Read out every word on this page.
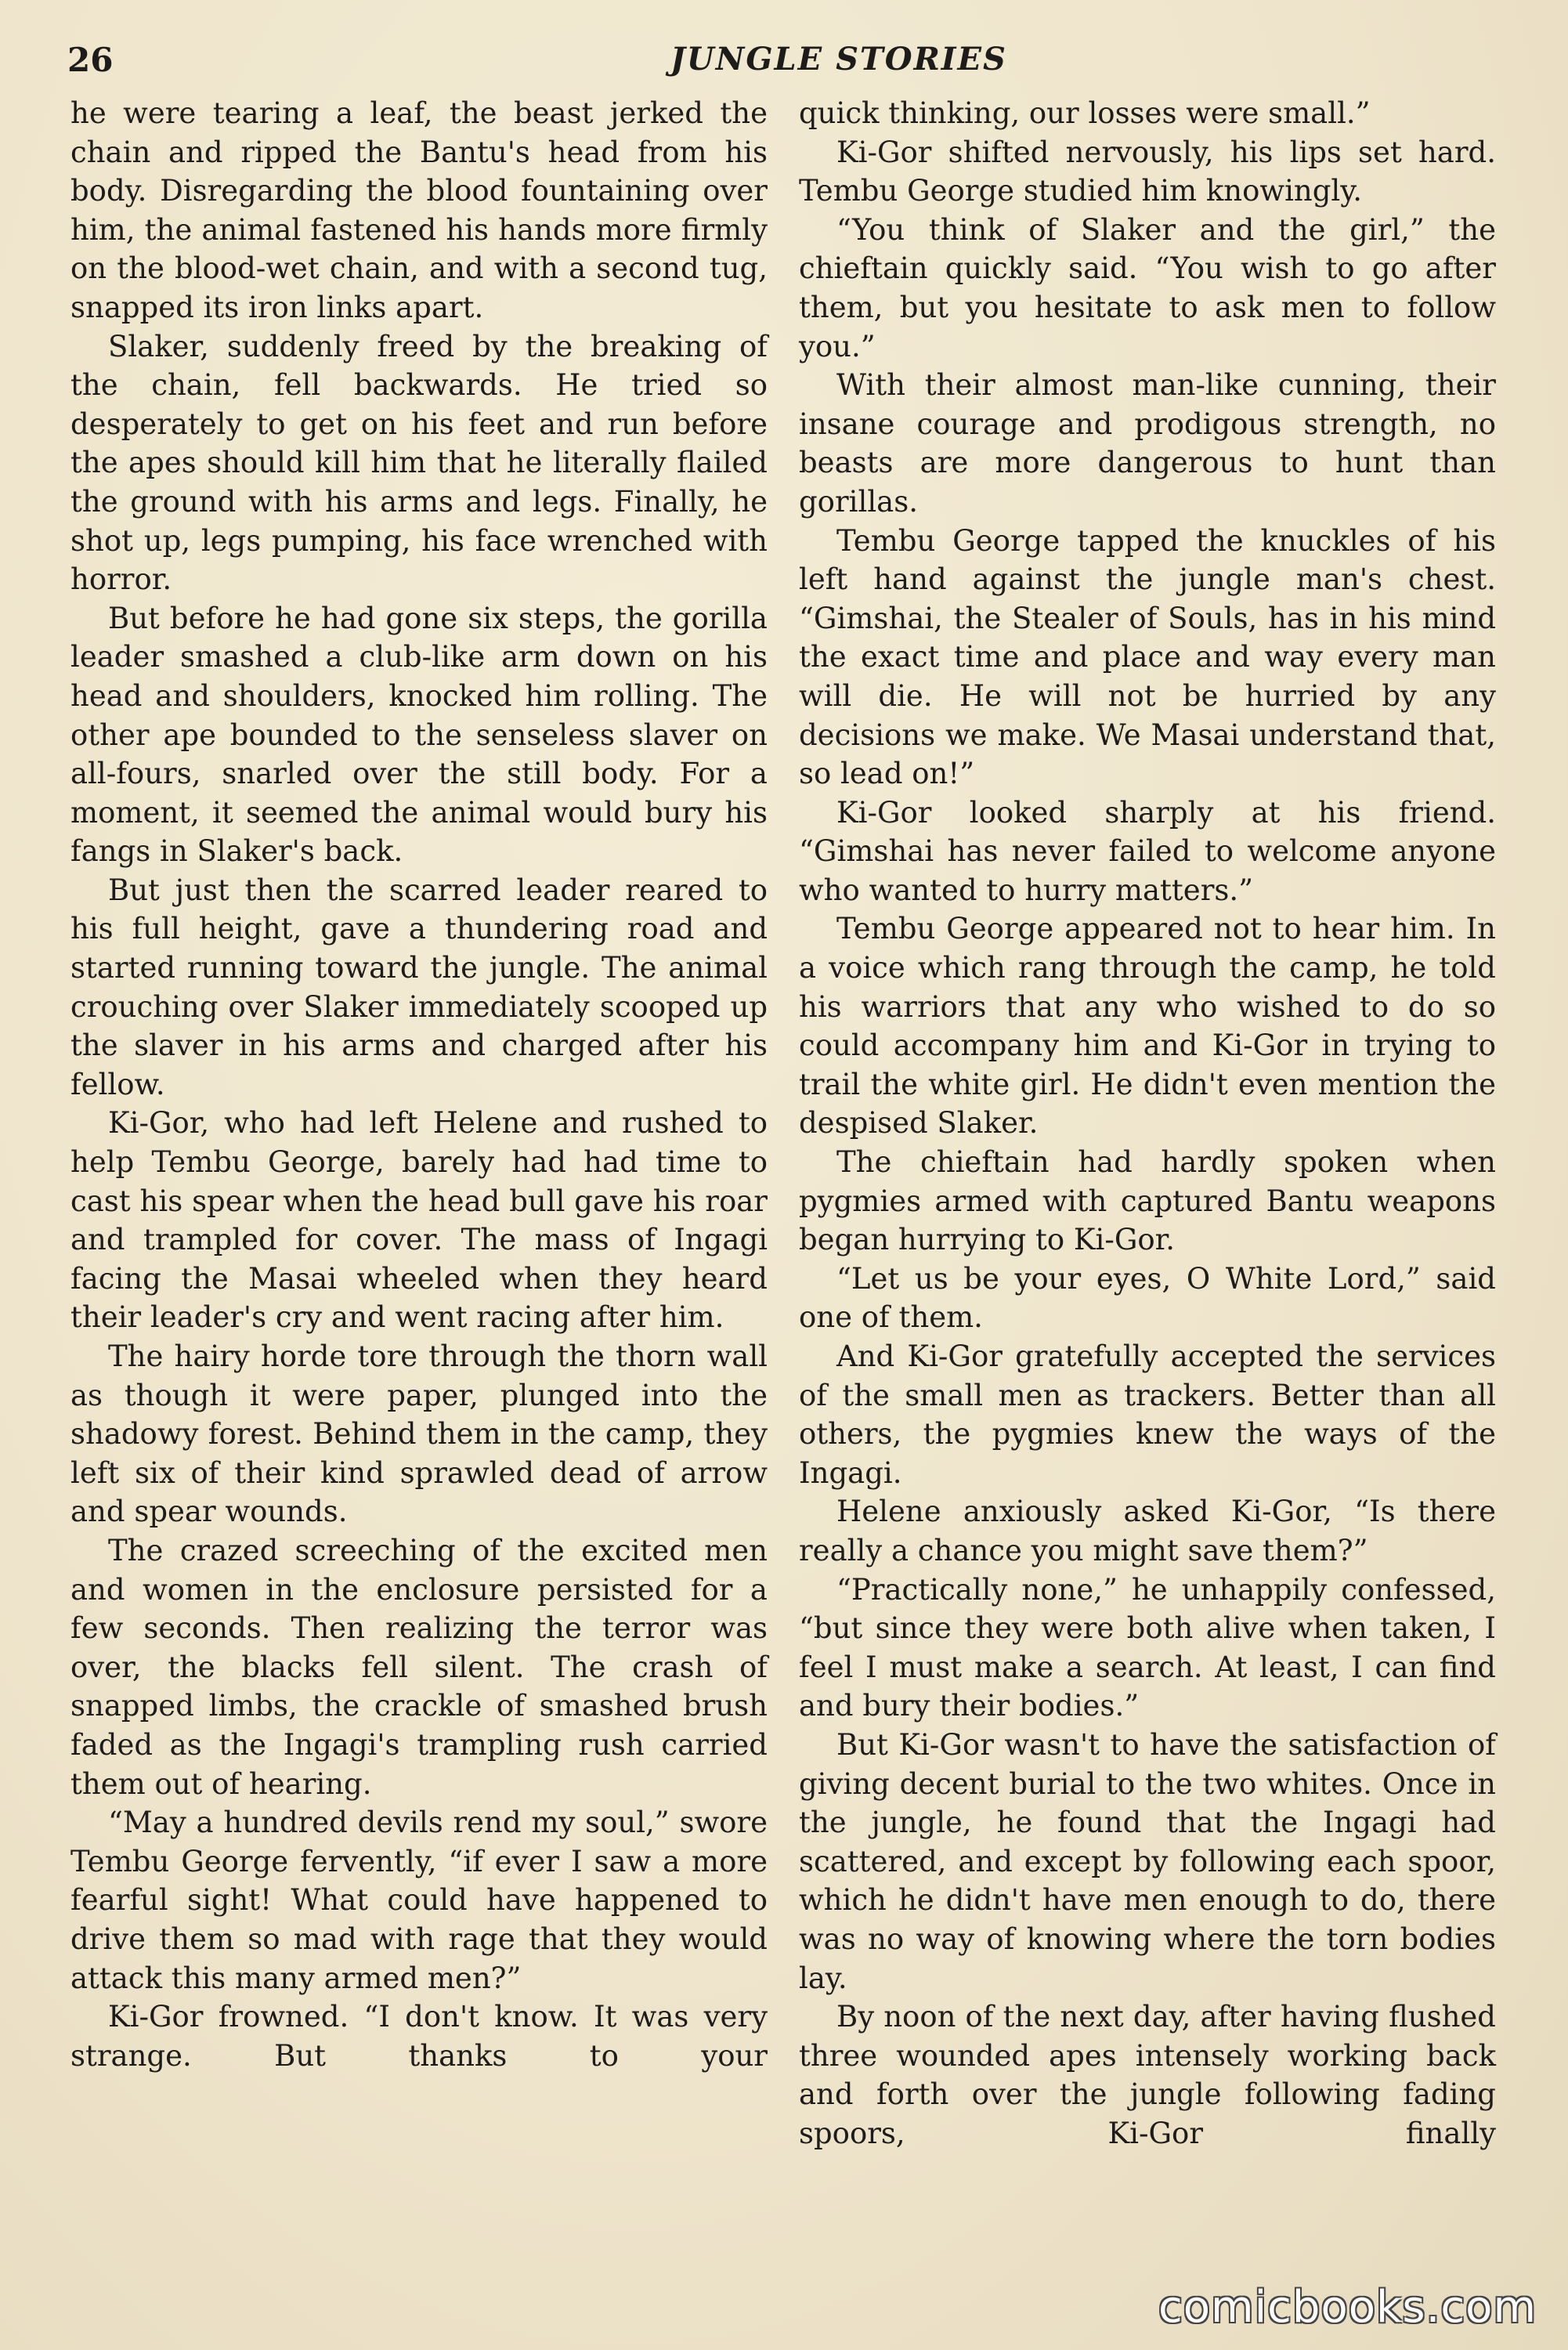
26	JUNGLE STORIES

he were tearing a leaf, the beast jerked the chain and ripped the Bantu's head from his body. Disregarding the blood fountaining over him, the animal fastened his hands more firmly on the blood-wet chain, and with a second tug, snapped its iron links apart.

Slaker, suddenly freed by the breaking of the chain, fell backwards. He tried so desperately to get on his feet and run before the apes should kill him that he literally flailed the ground with his arms and legs. Finally, he shot up, legs pumping, his face wrenched with horror.

But before he had gone six steps, the gorilla leader smashed a club-like arm down on his head and shoulders, knocked him rolling. The other ape bounded to the senseless slaver on all-fours, snarled over the still body. For a moment, it seemed the animal would bury his fangs in Slaker's back.

But just then the scarred leader reared to his full height, gave a thundering road and started running toward the jungle. The animal crouching over Slaker immediately scooped up the slaver in his arms and charged after his fellow.

Ki-Gor, who had left Helene and rushed to help Tembu George, barely had had time to cast his spear when the head bull gave his roar and trampled for cover. The mass of Ingagi facing the Masai wheeled when they heard their leader's cry and went racing after him.

The hairy horde tore through the thorn wall as though it were paper, plunged into the shadowy forest. Behind them in the camp, they left six of their kind sprawled dead of arrow and spear wounds.

The crazed screeching of the excited men and women in the enclosure persisted for a few seconds. Then realizing the terror was over, the blacks fell silent. The crash of snapped limbs, the crackle of smashed brush faded as the Ingagi's trampling rush carried them out of hearing.

“May a hundred devils rend my soul,” swore Tembu George fervently, “if ever I saw a more fearful sight! What could have happened to drive them so mad with rage that they would attack this many armed men?”

Ki-Gor frowned. “I don't know. It was very strange. But thanks to your

quick thinking, our losses were small.”

Ki-Gor shifted nervously, his lips set hard. Tembu George studied him knowingly.

“You think of Slaker and the girl,” the chieftain quickly said. “You wish to go after them, but you hesitate to ask men to follow you.”

With their almost man-like cunning, their insane courage and prodigous strength, no beasts are more dangerous to hunt than gorillas.

Tembu George tapped the knuckles of his left hand against the jungle man's chest. “Gimshai, the Stealer of Souls, has in his mind the exact time and place and way every man will die. He will not be hurried by any decisions we make. We Masai understand that, so lead on!”

Ki-Gor looked sharply at his friend. “Gimshai has never failed to welcome anyone who wanted to hurry matters.”

Tembu George appeared not to hear him. In a voice which rang through the camp, he told his warriors that any who wished to do so could accompany him and Ki-Gor in trying to trail the white girl. He didn't even mention the despised Slaker.

The chieftain had hardly spoken when pygmies armed with captured Bantu weapons began hurrying to Ki-Gor.

“Let us be your eyes, O White Lord,” said one of them.

And Ki-Gor gratefully accepted the services of the small men as trackers. Better than all others, the pygmies knew the ways of the Ingagi.

Helene anxiously asked Ki-Gor, “Is there really a chance you might save them?”

“Practically none,” he unhappily confessed, “but since they were both alive when taken, I feel I must make a search. At least, I can find and bury their bodies.”

But Ki-Gor wasn't to have the satisfaction of giving decent burial to the two whites. Once in the jungle, he found that the Ingagi had scattered, and except by following each spoor, which he didn't have men enough to do, there was no way of knowing where the torn bodies lay.

By noon of the next day, after having flushed three wounded apes intensely working back and forth over the jungle following fading spoors, Ki-Gor finally

comicbooks.com
